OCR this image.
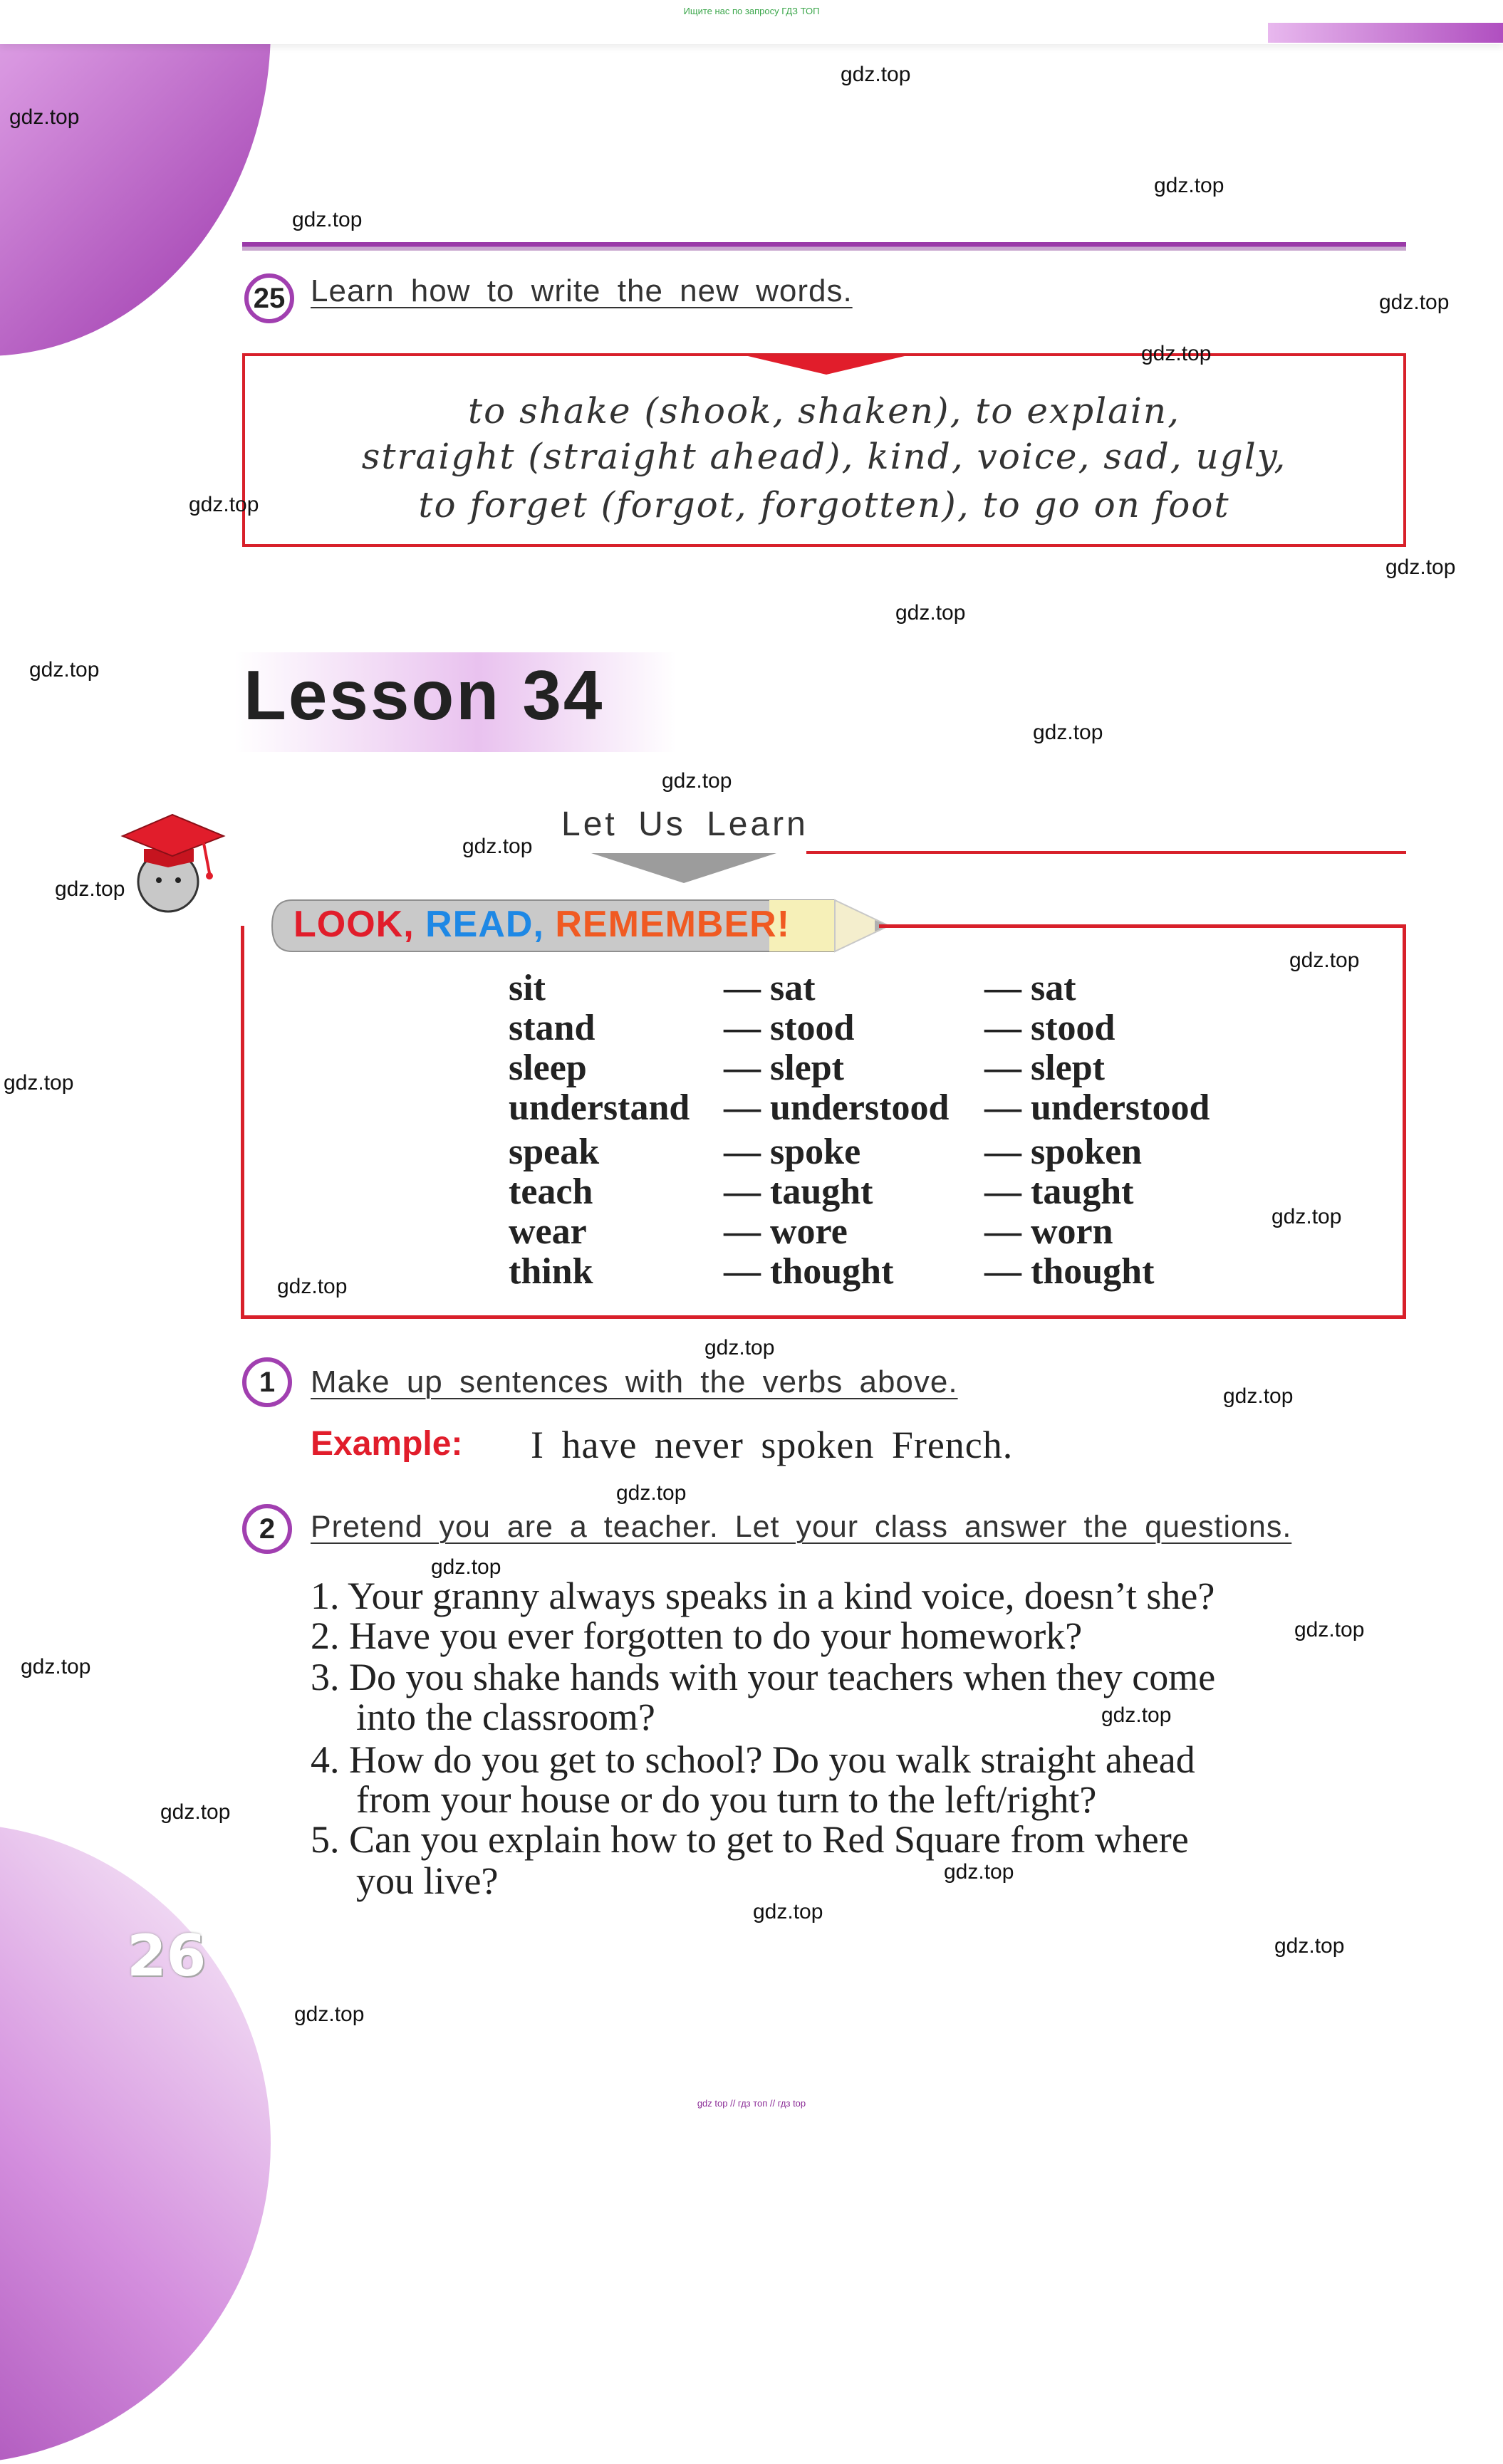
Ищите нас по запросу ГДЗ ТОП
25 Learn how to write the new words.
to shake (shook, shaken), to explain,
straight (straight ahead), kind, voice, sad, ugly,
to forget (forgot, forgotten), to go on foot
Lesson 34
Let Us Learn
LOOK, READ, REMEMBER!
sit
stand
sleep
understand
speak
teach
wear
think
— sat
— stood
— slept
— understood
— spoke
— taught
— wore
— thought
— sat
— stood
— slept
— understood
— spoken
— taught
— worn
— thought
1	Make up sentences with the verbs above.
Example: I have never spoken French.
2	Pretend you are a teacher. Let your class answer the questions.
1. Your granny always speaks in a kind voice, doesn’t she?
2. Have you ever forgotten to do your homework?
3. Do you shake hands with your teachers when they come
into the classroom?
4. How do you get to school? Do you walk straight ahead
from your house or do you turn to the left/right?
5. Can you explain how to get to Red Square from where
you live?
26
gdz top // гдз топ // гдз top
gdz.top
gdz.top
gdz.top
gdz.top
gdz.top
gdz.top
gdz.top
gdz.top
gdz.top
gdz.top
gdz.top
gdz.top
gdz.top
gdz.top
gdz.top
gdz.top
gdz.top
gdz.top
gdz.top
gdz.top
gdz.top
gdz.top
gdz.top
gdz.top
gdz.top
gdz.top
gdz.top
gdz.top
gdz.top
gdz.top
